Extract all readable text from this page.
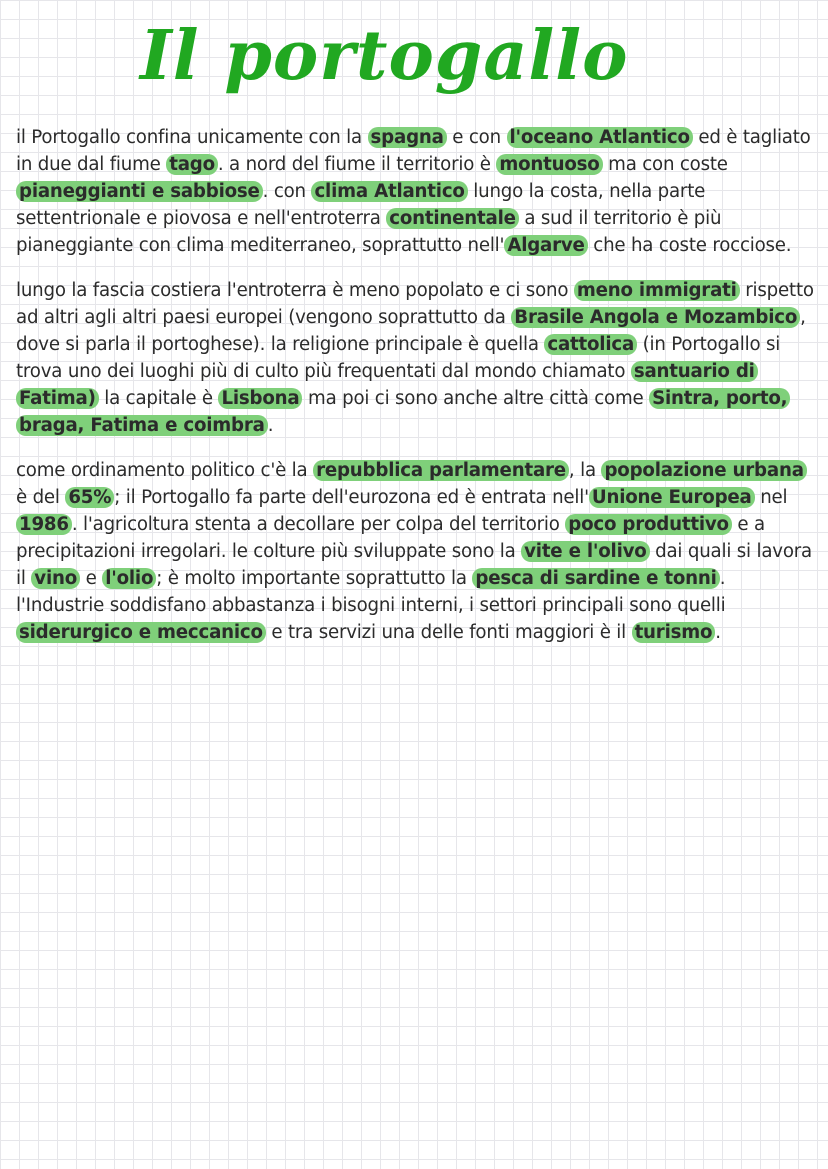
Il portogallo

il Portogallo confina unicamente con la spagna e con l'oceano Atlantico ed è tagliato in due dal fiume tago . a nord del fiume il territorio è montuoso ma con coste pianeggianti e sabbiose . con clima Atlantico lungo la costa, nella parte settentrionale e piovosa e nell'entroterra continentale a sud il territorio è più pianeggiante con clima mediterraneo, soprattutto nell' Algarve che ha coste rocciose.

lungo la fascia costiera l'entroterra è meno popolato e ci sono meno immigrati rispetto ad altri agli altri paesi europei (vengono soprattutto da Brasile Angola e Mozambico , dove si parla il portoghese). la religione principale è quella cattolica (in Portogallo si trova uno dei luoghi più di culto più frequentati dal mondo chiamato santuario di Fatima) la capitale è Lisbona ma poi ci sono anche altre città come Sintra, porto, braga, Fatima e coimbra .

come ordinamento politico c'è la repubblica parlamentare , la popolazione urbana è del 65% ; il Portogallo fa parte dell'eurozona ed è entrata nell' Unione Europea nel 1986 . l'agricoltura stenta a decollare per colpa del territorio poco produttivo e a precipitazioni irregolari. le colture più sviluppate sono la vite e l'olivo dai quali si lavora il vino e l'olio ; è molto importante soprattutto la pesca di sardine e tonni . l'Industrie soddisfano abbastanza i bisogni interni, i settori principali sono quelli siderurgico e meccanico e tra servizi una delle fonti maggiori è il turismo .
